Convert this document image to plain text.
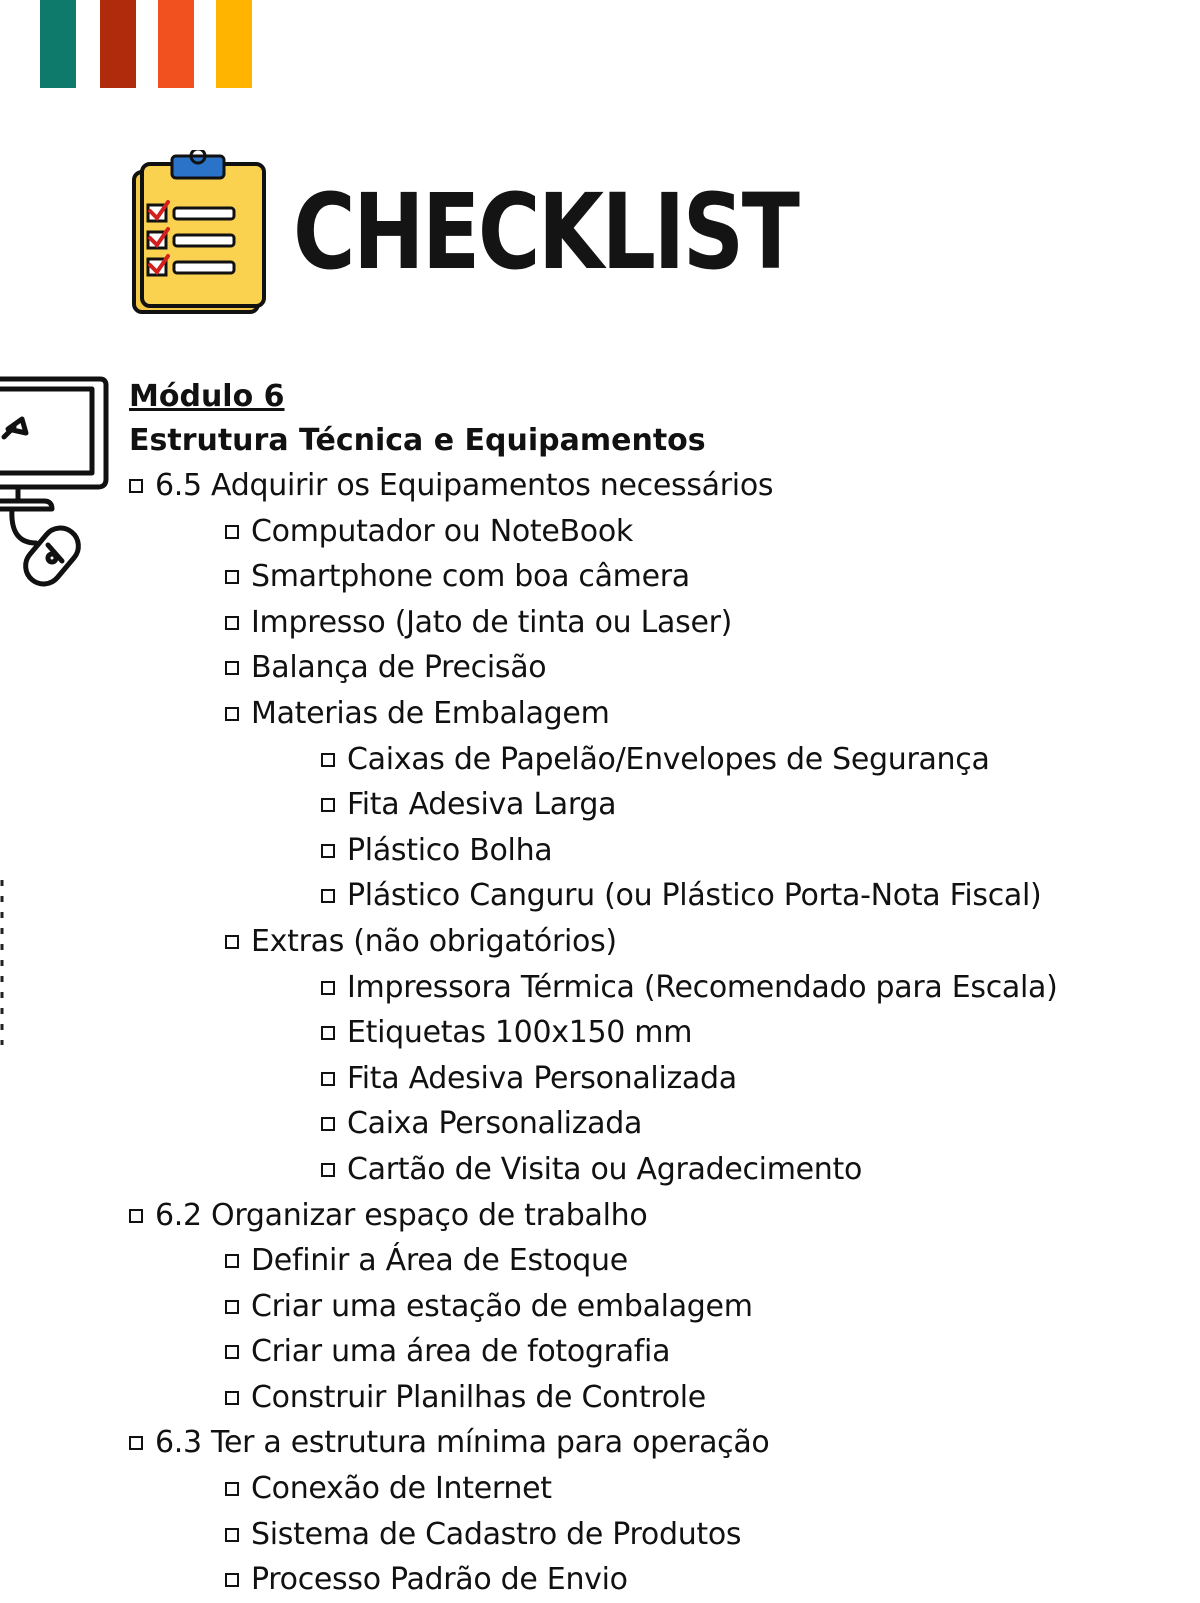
CHECKLIST
Módulo 6
Estrutura Técnica e Equipamentos
6.5 Adquirir os Equipamentos necessários
Computador ou NoteBook
Smartphone com boa câmera
Impresso (Jato de tinta ou Laser)
Balança de Precisão
Materias de Embalagem
Caixas de Papelão/Envelopes de Segurança
Fita Adesiva Larga
Plástico Bolha
Plástico Canguru (ou Plástico Porta-Nota Fiscal)
Extras (não obrigatórios)
Impressora Térmica (Recomendado para Escala)
Etiquetas 100x150 mm
Fita Adesiva Personalizada
Caixa Personalizada
Cartão de Visita ou Agradecimento
6.2 Organizar espaço de trabalho
Definir a Área de Estoque
Criar uma estação de embalagem
Criar uma área de fotografia
Construir Planilhas de Controle
6.3 Ter a estrutura mínima para operação
Conexão de Internet
Sistema de Cadastro de Produtos
Processo Padrão de Envio
